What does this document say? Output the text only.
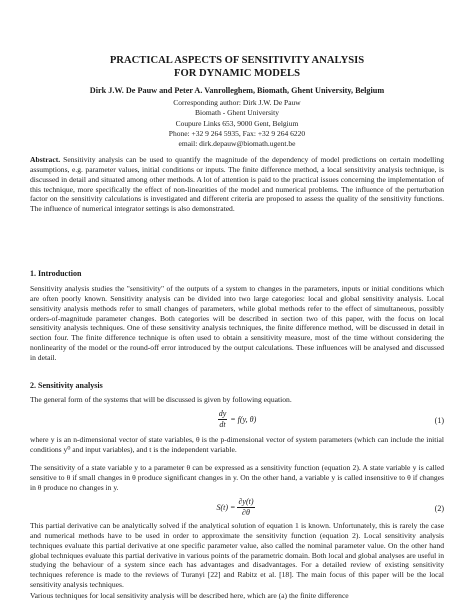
PRACTICAL ASPECTS OF SENSITIVITY ANALYSIS
FOR DYNAMIC MODELS
Dirk J.W. De Pauw and Peter A. Vanrolleghem, Biomath, Ghent University, Belgium
Corresponding author: Dirk J.W. De Pauw
Biomath - Ghent University
Coupure Links 653, 9000 Gent, Belgium
Phone: +32 9 264 5935, Fax: +32 9 264 6220
email: dirk.depauw@biomath.ugent.be
Abstract. Sensitivity analysis can be used to quantify the magnitude of the dependency of model predictions on certain modelling assumptions, e.g. parameter values, initial conditions or inputs. The finite difference method, a local sensitivity analysis technique, is discussed in detail and situated among other methods. A lot of attention is paid to the practical issues concerning the implementation of this technique, more specifically the effect of non-linearities of the model and numerical problems. The influence of the perturbation factor on the sensitivity calculations is investigated and different criteria are proposed to assess the quality of the sensitivity functions. The influence of numerical integrator settings is also demonstrated.
1. Introduction
Sensitivity analysis studies the "sensitivity" of the outputs of a system to changes in the parameters, inputs or initial conditions which are often poorly known. Sensitivity analysis can be divided into two large categories: local and global sensitivity analysis. Local sensitivity analysis methods refer to small changes of parameters, while global methods refer to the effect of simultaneous, possibly orders-of-magnitude parameter changes. Both categories will be described in section two of this paper, with the focus on local sensitivity analysis techniques. One of these sensitivity analysis techniques, the finite difference method, will be discussed in detail in section four. The finite difference technique is often used to obtain a sensitivity measure, most of the time without considering the nonlinearity of the model or the round-off error introduced by the output calculations. These influences will be analysed and discussed in detail.
2. Sensitivity analysis
The general form of the systems that will be discussed is given by following equation.
$\frac{dy}{dt} = f(y$, θ)	(1)
where y is an n-dimensional vector of state variables, θ is the p-dimensional vector of system parameters (which can include the initial conditions y⁰ and input variables), and t is the independent variable.
The sensitivity of a state variable y to a parameter θ can be expressed as a sensitivity function (equation 2). A state variable y is called sensitive to θ if small changes in θ produce significant changes in y. On the other hand, a variable y is called insensitive to θ if changes in θ produce no changes in y.
$S(t) = \frac{\partial y(t)}{\partial\theta}$	(2)
This partial derivative can be analytically solved if the analytical solution of equation 1 is known. Unfortunately, this is rarely the case and numerical methods have to be used in order to approximate the sensitivity function (equation 2). Local sensitivity analysis techniques evaluate this partial derivative at one specific parameter value, also called the nominal parameter value. On the other hand global techniques evaluate this partial derivative in various points of the parametric domain. Both local and global analyses are useful in studying the behaviour of a system since each has advantages and disadvantages. For a detailed review of existing sensitivity techniques reference is made to the reviews of Turanyi [22] and Rabitz et al. [18]. The main focus of this paper will be the local sensitivity analysis techniques.
Various techniques for local sensitivity analysis will be described here, which are (a) the finite difference
